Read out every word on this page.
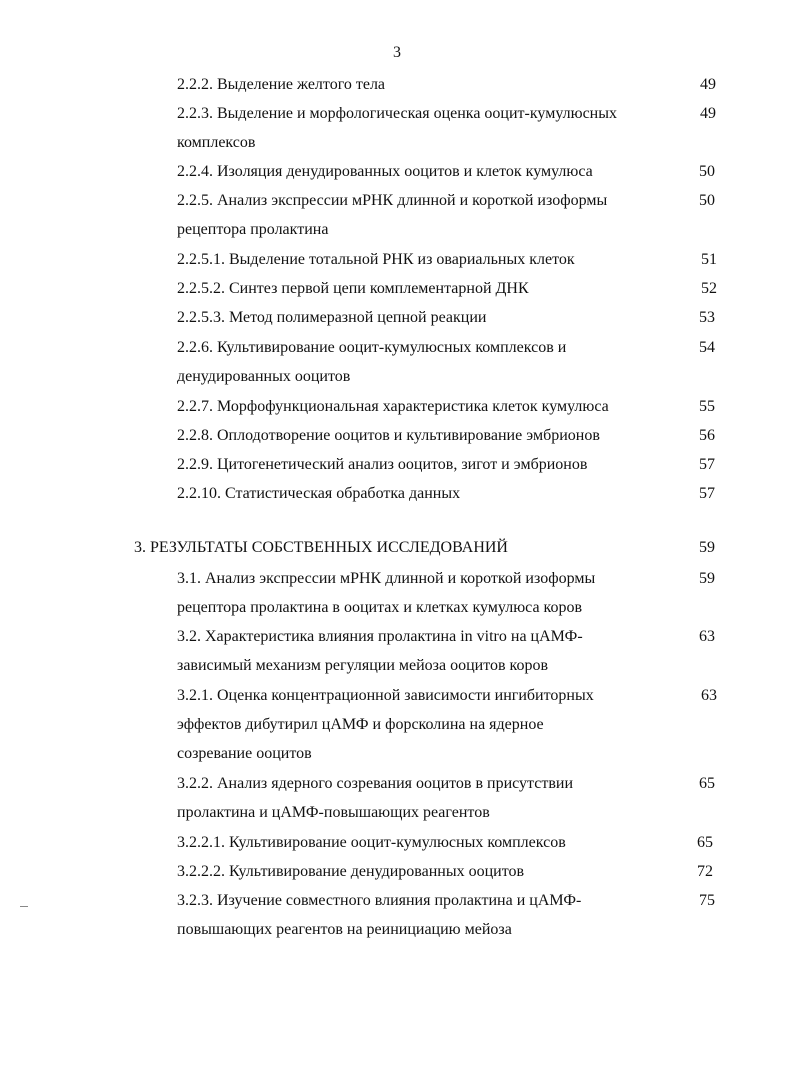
3
2.2.2. Выделение желтого тела	49
2.2.3. Выделение и морфологическая оценка ооцит-кумулюсных
комплексов
49
2.2.4. Изоляция денудированных ооцитов и клеток кумулюса	50
2.2.5. Анализ экспрессии мРНК длинной и короткой изоформы
рецептора пролактина
50
2.2.5.1. Выделение тотальной РНК из овариальных клеток	51
2.2.5.2. Синтез первой цепи комплементарной ДНК	52
2.2.5.3. Метод полимеразной цепной реакции	53
2.2.6. Культивирование ооцит-кумулюсных комплексов и
денудированных ооцитов
54
2.2.7. Морфофункциональная характеристика клеток кумулюса	55
2.2.8. Оплодотворение ооцитов и культивирование эмбрионов	56
2.2.9. Цитогенетический анализ ооцитов, зигот и эмбрионов	57
2.2.10. Статистическая обработка данных	57
3. РЕЗУЛЬТАТЫ СОБСТВЕННЫХ ИССЛЕДОВАНИЙ	59
3.1. Анализ экспрессии мРНК длинной и короткой изоформы
рецептора пролактина в ооцитах и клетках кумулюса коров
59
3.2. Характеристика влияния пролактина in vitro на цАМФ-
зависимый механизм регуляции мейоза ооцитов коров
63
3.2.1. Оценка концентрационной зависимости ингибиторных
эффектов дибутирил цАМФ и форсколина на ядерное
созревание ооцитов
63
3.2.2. Анализ ядерного созревания ооцитов в присутствии
пролактина и цАМФ-повышающих реагентов
65
3.2.2.1. Культивирование ооцит-кумулюсных комплексов	65
3.2.2.2. Культивирование денудированных ооцитов	72
3.2.3. Изучение совместного влияния пролактина и цАМФ-
повышающих реагентов на реинициацию мейоза
75
